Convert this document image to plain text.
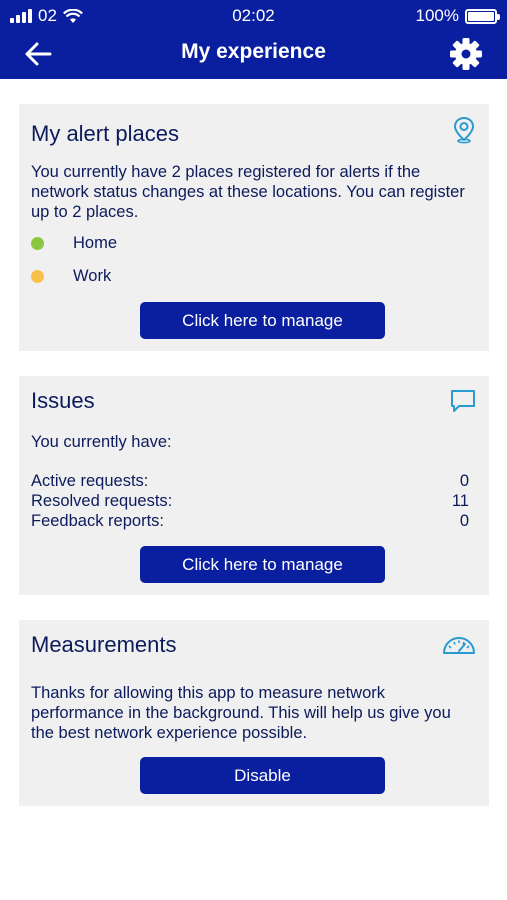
02	02:02	100%
My experience
My alert places

You currently have 2 places registered for alerts if the network status changes at these locations. You can register up to 2 places.

Home
Work
Click here to manage
Issues

You currently have:

Active requests:	0
Resolved requests:	11
Feedback reports:	0
Click here to manage
Measurements

Thanks for allowing this app to measure network performance in the background. This will help us give you the best network experience possible.

Disable
